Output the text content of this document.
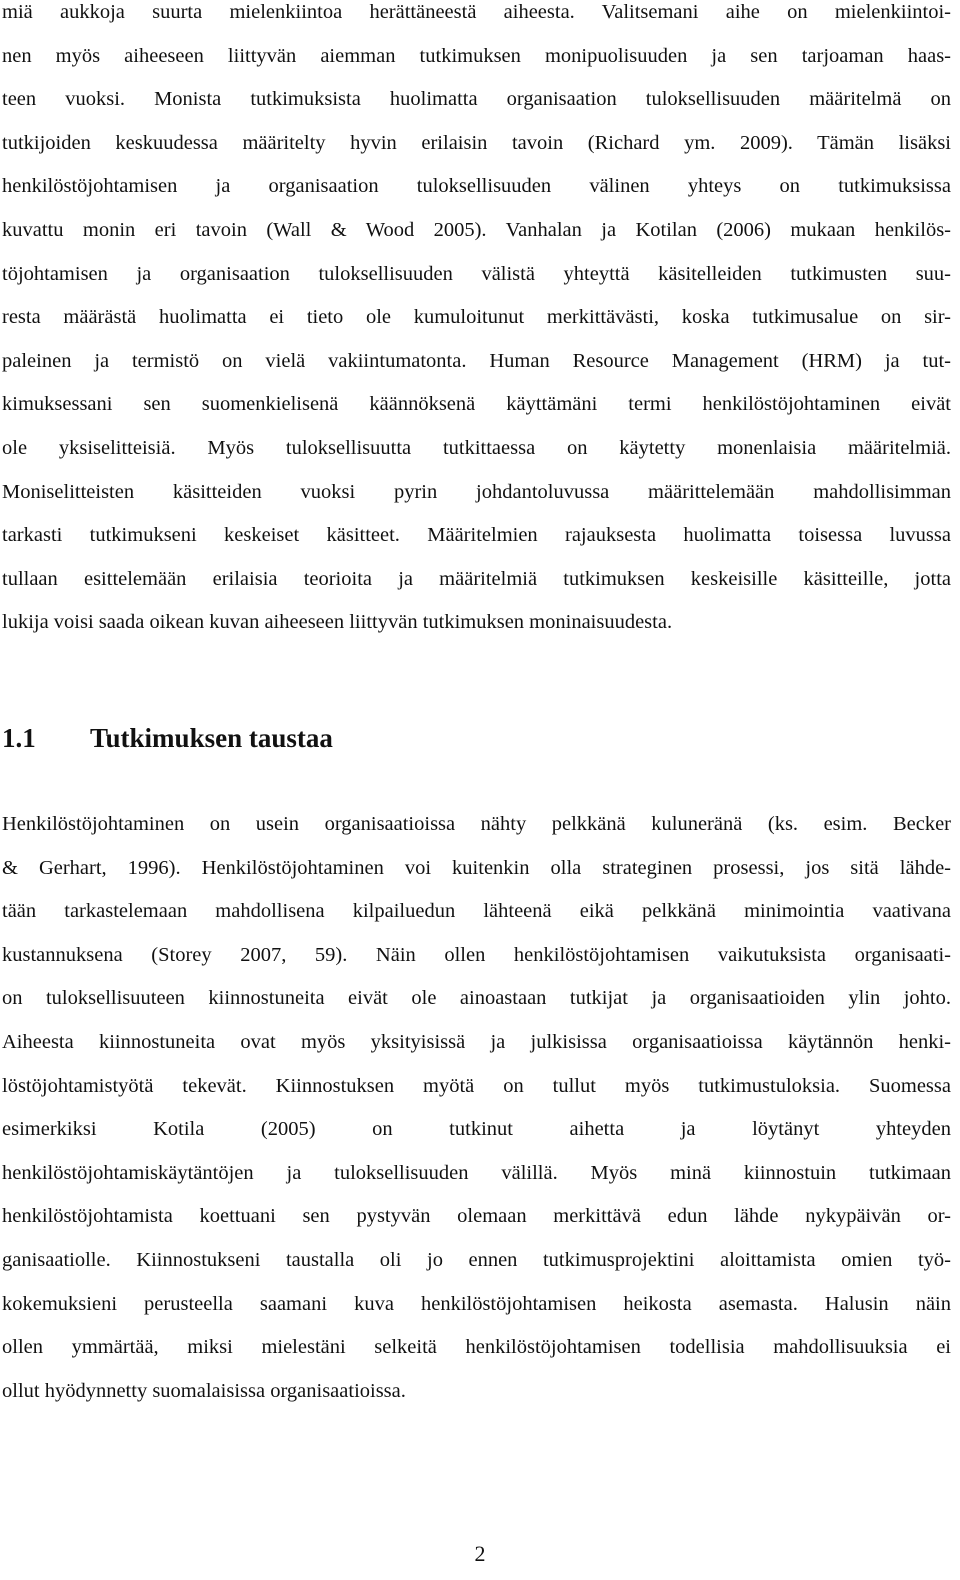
miä aukkoja suurta mielenkiintoa herättäneestä aiheesta. Valitsemani aihe on mielenkiintoi-
nen myös aiheeseen liittyvän aiemman tutkimuksen monipuolisuuden ja sen tarjoaman haas-
teen vuoksi. Monista tutkimuksista huolimatta organisaation tuloksellisuuden määritelmä on
tutkijoiden keskuudessa määritelty hyvin erilaisin tavoin (Richard ym. 2009). Tämän lisäksi
henkilöstöjohtamisen ja organisaation tuloksellisuuden välinen yhteys on tutkimuksissa
kuvattu monin eri tavoin (Wall & Wood 2005). Vanhalan ja Kotilan (2006) mukaan henkilös-
töjohtamisen ja organisaation tuloksellisuuden välistä yhteyttä käsitelleiden tutkimusten suu-
resta määrästä huolimatta ei tieto ole kumuloitunut merkittävästi, koska tutkimusalue on sir-
paleinen ja termistö on vielä vakiintumatonta. Human Resource Management (HRM) ja tut-
kimuksessani sen suomenkielisenä käännöksenä käyttämäni termi henkilöstöjohtaminen eivät
ole yksiselitteisiä. Myös tuloksellisuutta tutkittaessa on käytetty monenlaisia määritelmiä.
Moniselitteisten käsitteiden vuoksi pyrin johdantoluvussa määrittelemään mahdollisimman
tarkasti tutkimukseni keskeiset käsitteet. Määritelmien rajauksesta huolimatta toisessa luvussa
tullaan esittelemään erilaisia teorioita ja määritelmiä tutkimuksen keskeisille käsitteille, jotta
lukija voisi saada oikean kuvan aiheeseen liittyvän tutkimuksen moninaisuudesta.
1.1 Tutkimuksen taustaa
Henkilöstöjohtaminen on usein organisaatioissa nähty pelkkänä kuluneränä (ks. esim. Becker
& Gerhart, 1996). Henkilöstöjohtaminen voi kuitenkin olla strateginen prosessi, jos sitä lähde-
tään tarkastelemaan mahdollisena kilpailuedun lähteenä eikä pelkkänä minimointia vaativana
kustannuksena (Storey 2007, 59). Näin ollen henkilöstöjohtamisen vaikutuksista organisaati-
on tuloksellisuuteen kiinnostuneita eivät ole ainoastaan tutkijat ja organisaatioiden ylin johto.
Aiheesta kiinnostuneita ovat myös yksityisissä ja julkisissa organisaatioissa käytännön henki-
löstöjohtamistyötä tekevät. Kiinnostuksen myötä on tullut myös tutkimustuloksia. Suomessa
esimerkiksi Kotila (2005) on tutkinut aihetta ja löytänyt yhteyden
henkilöstöjohtamiskäytäntöjen ja tuloksellisuuden välillä. Myös minä kiinnostuin tutkimaan
henkilöstöjohtamista koettuani sen pystyvän olemaan merkittävä edun lähde nykypäivän or-
ganisaatiolle. Kiinnostukseni taustalla oli jo ennen tutkimusprojektini aloittamista omien työ-
kokemuksieni perusteella saamani kuva henkilöstöjohtamisen heikosta asemasta. Halusin näin
ollen ymmärtää, miksi mielestäni selkeitä henkilöstöjohtamisen todellisia mahdollisuuksia ei
ollut hyödynnetty suomalaisissa organisaatioissa.
2
